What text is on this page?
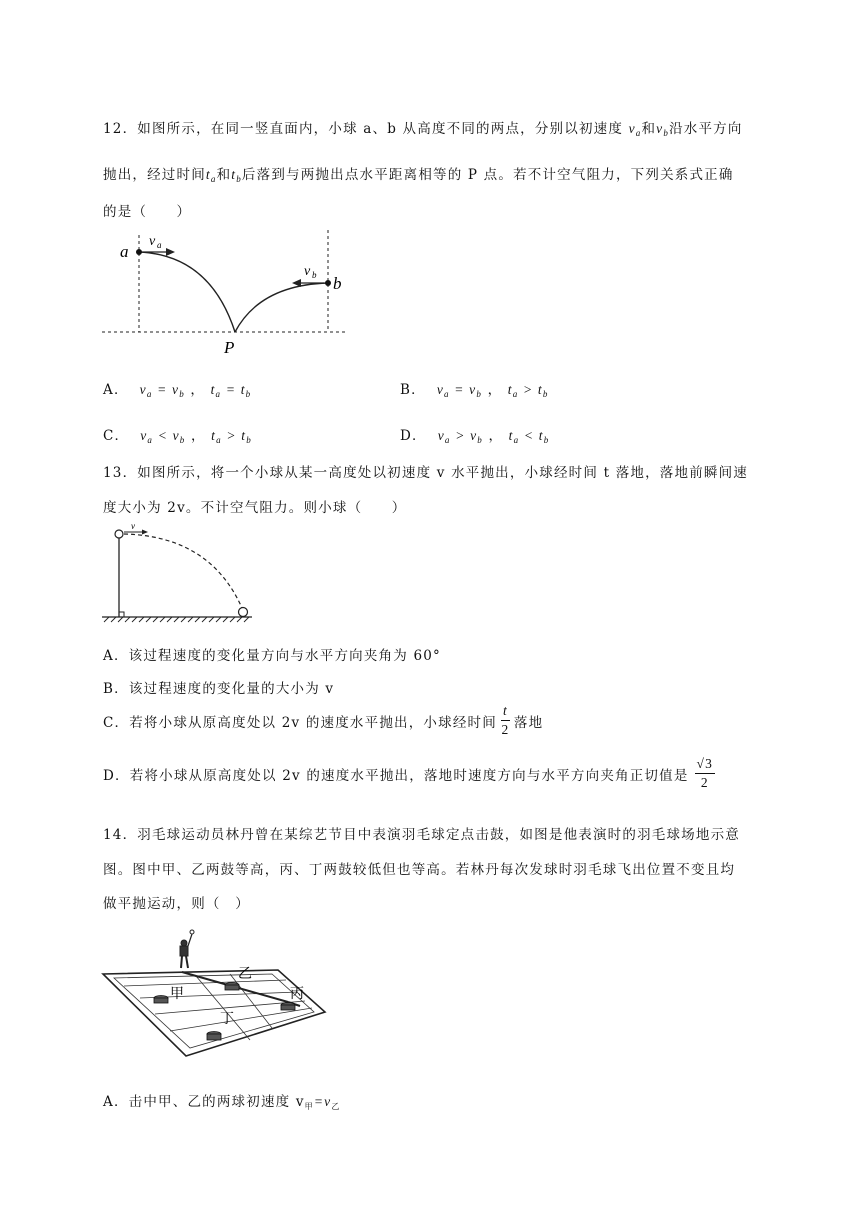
12．如图所示，在同一竖直面内，小球 a、b 从高度不同的两点，分别以初速度 $v_a$和$v_b$沿水平方向
抛出，经过时间$t_a$和$t_b$后落到与两抛出点水平距离相等的 P 点。若不计空气阻力，下列关系式正确
的是（　　）
a
b
v a
v b
P
A．  $v_a = v_b$ ， $t_a = t_b$	B．  $v_a = v_b$ ， $t_a > t_b$
C．  $v_a < v_b$ ， $t_a > t_b$	D．  $v_a > v_b$ ， $t_a < t_b$
13．如图所示，将一个小球从某一高度处以初速度 v 水平抛出，小球经时间 t 落地，落地前瞬间速
度大小为 2v。不计空气阻力。则小球（　　）
v
A．该过程速度的变化量方向与水平方向夹角为 60°
B．该过程速度的变化量的大小为 v
C．若将小球从原高度处以 2v 的速度水平抛出，小球经时间 $\frac{t}{2}$ 落地
D．若将小球从原高度处以 2v 的速度水平抛出，落地时速度方向与水平方向夹角正切值是 $\frac{√3}{2}$
14．羽毛球运动员林丹曾在某综艺节目中表演羽毛球定点击鼓，如图是他表演时的羽毛球场地示意
图。图中甲、乙两鼓等高，丙、丁两鼓较低但也等高。若林丹每次发球时羽毛球飞出位置不变且均
做平抛运动，则（　）
甲
乙
丙
丁
A．击中甲、乙的两球初速度 $v_甲=v_乙$
